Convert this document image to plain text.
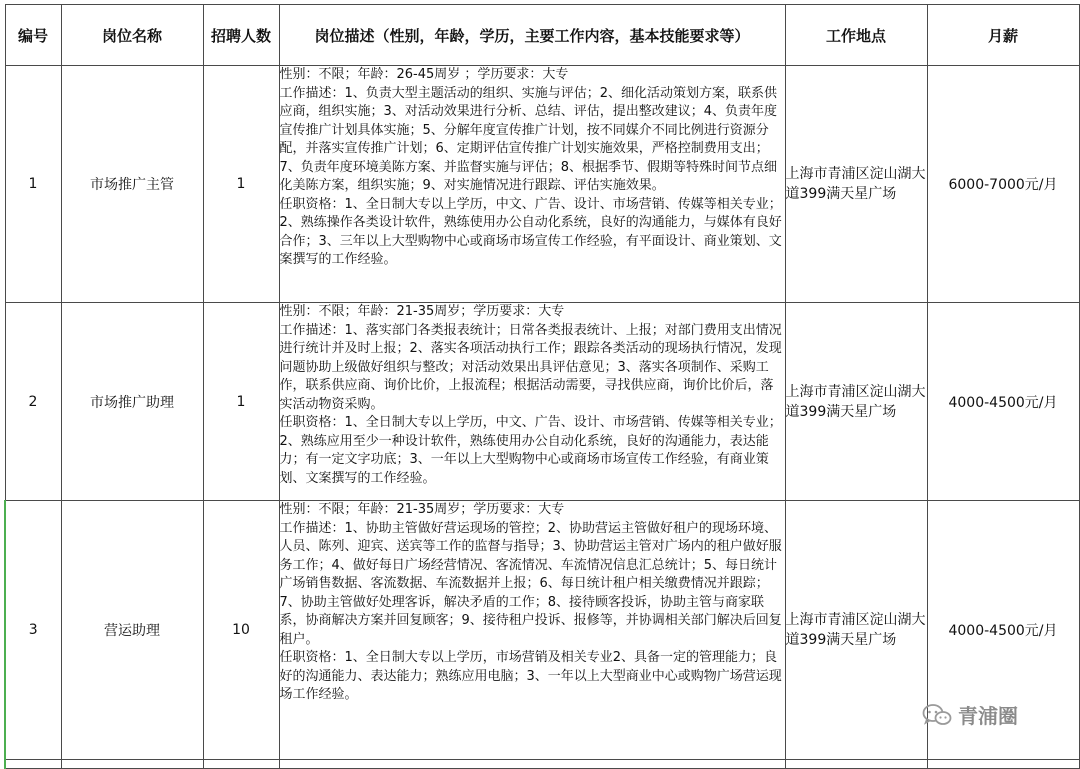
编号	岗位名称	招聘人数	岗位描述（性别，年龄，学历，主要工作内容，基本技能要求等）	工作地点	月薪
1	市场推广主管	1	性别：不限；年龄：26-45周岁 ；学历要求：大专

工作描述：1、负责大型主题活动的组织、实施与评估；2、细化活动策划方案，联系供应商，组织实施；3、对活动效果进行分析、总结、评估，提出整改建议；4、负责年度宣传推广计划具体实施；5、分解年度宣传推广计划，按不同媒介不同比例进行资源分配，并落实宣传推广计划；6、定期评估宣传推广计划实施效果，严格控制费用支出；7、负责年度环境美陈方案、并监督实施与评估；8、根据季节、假期等特殊时间节点细化美陈方案，组织实施；9、对实施情况进行跟踪、评估实施效果。

任职资格：1、全日制大专以上学历，中文、广告、设计、市场营销、传媒等相关专业；2、熟练操作各类设计软件，熟练使用办公自动化系统，良好的沟通能力，与媒体有良好合作；3、三年以上大型购物中心或商场市场宣传工作经验，有平面设计、商业策划、文案撰写的工作经验。	上海市青浦区淀山湖大道399满天星广场	6000-7000元/月
2	市场推广助理	1	性别：不限；年龄：21-35周岁；学历要求：大专

工作描述：1、落实部门各类报表统计；日常各类报表统计、上报；对部门费用支出情况进行统计并及时上报；2、落实各项活动执行工作；跟踪各类活动的现场执行情况，发现问题协助上级做好组织与整改；对活动效果出具评估意见；3、落实各项制作、采购工作，联系供应商、询价比价，上报流程；根据活动需要，寻找供应商，询价比价后，落实活动物资采购。

任职资格：1、全日制大专以上学历，中文、广告、设计、市场营销、传媒等相关专业；2、熟练应用至少一种设计软件，熟练使用办公自动化系统，良好的沟通能力，表达能力；有一定文字功底；3、一年以上大型购物中心或商场市场宣传工作经验，有商业策划、文案撰写的工作经验。	上海市青浦区淀山湖大道399满天星广场	4000-4500元/月
3	营运助理	10	性别：不限；年龄：21-35周岁；学历要求：大专

工作描述：1、协助主管做好营运现场的管控；2、协助营运主管做好租户的现场环境、人员、陈列、迎宾、送宾等工作的监督与指导；3、协助营运主管对广场内的租户做好服务工作；4、做好每日广场经营情况、客流情况、车流情况信息汇总统计；5、每日统计广场销售数据、客流数据、车流数据并上报；6、每日统计租户相关缴费情况并跟踪；7、协助主管做好处理客诉，解决矛盾的工作；8、接待顾客投诉，协助主管与商家联系，协商解决方案并回复顾客；9、接待租户投诉、报修等，并协调相关部门解决后回复租户。

任职资格：1、全日制大专以上学历，市场营销及相关专业2、具备一定的管理能力；良好的沟通能力、表达能力；熟练应用电脑；3、一年以上大型商业中心或购物广场营运现场工作经验。	上海市青浦区淀山湖大道399满天星广场	4000-4500元/月

青浦圈
